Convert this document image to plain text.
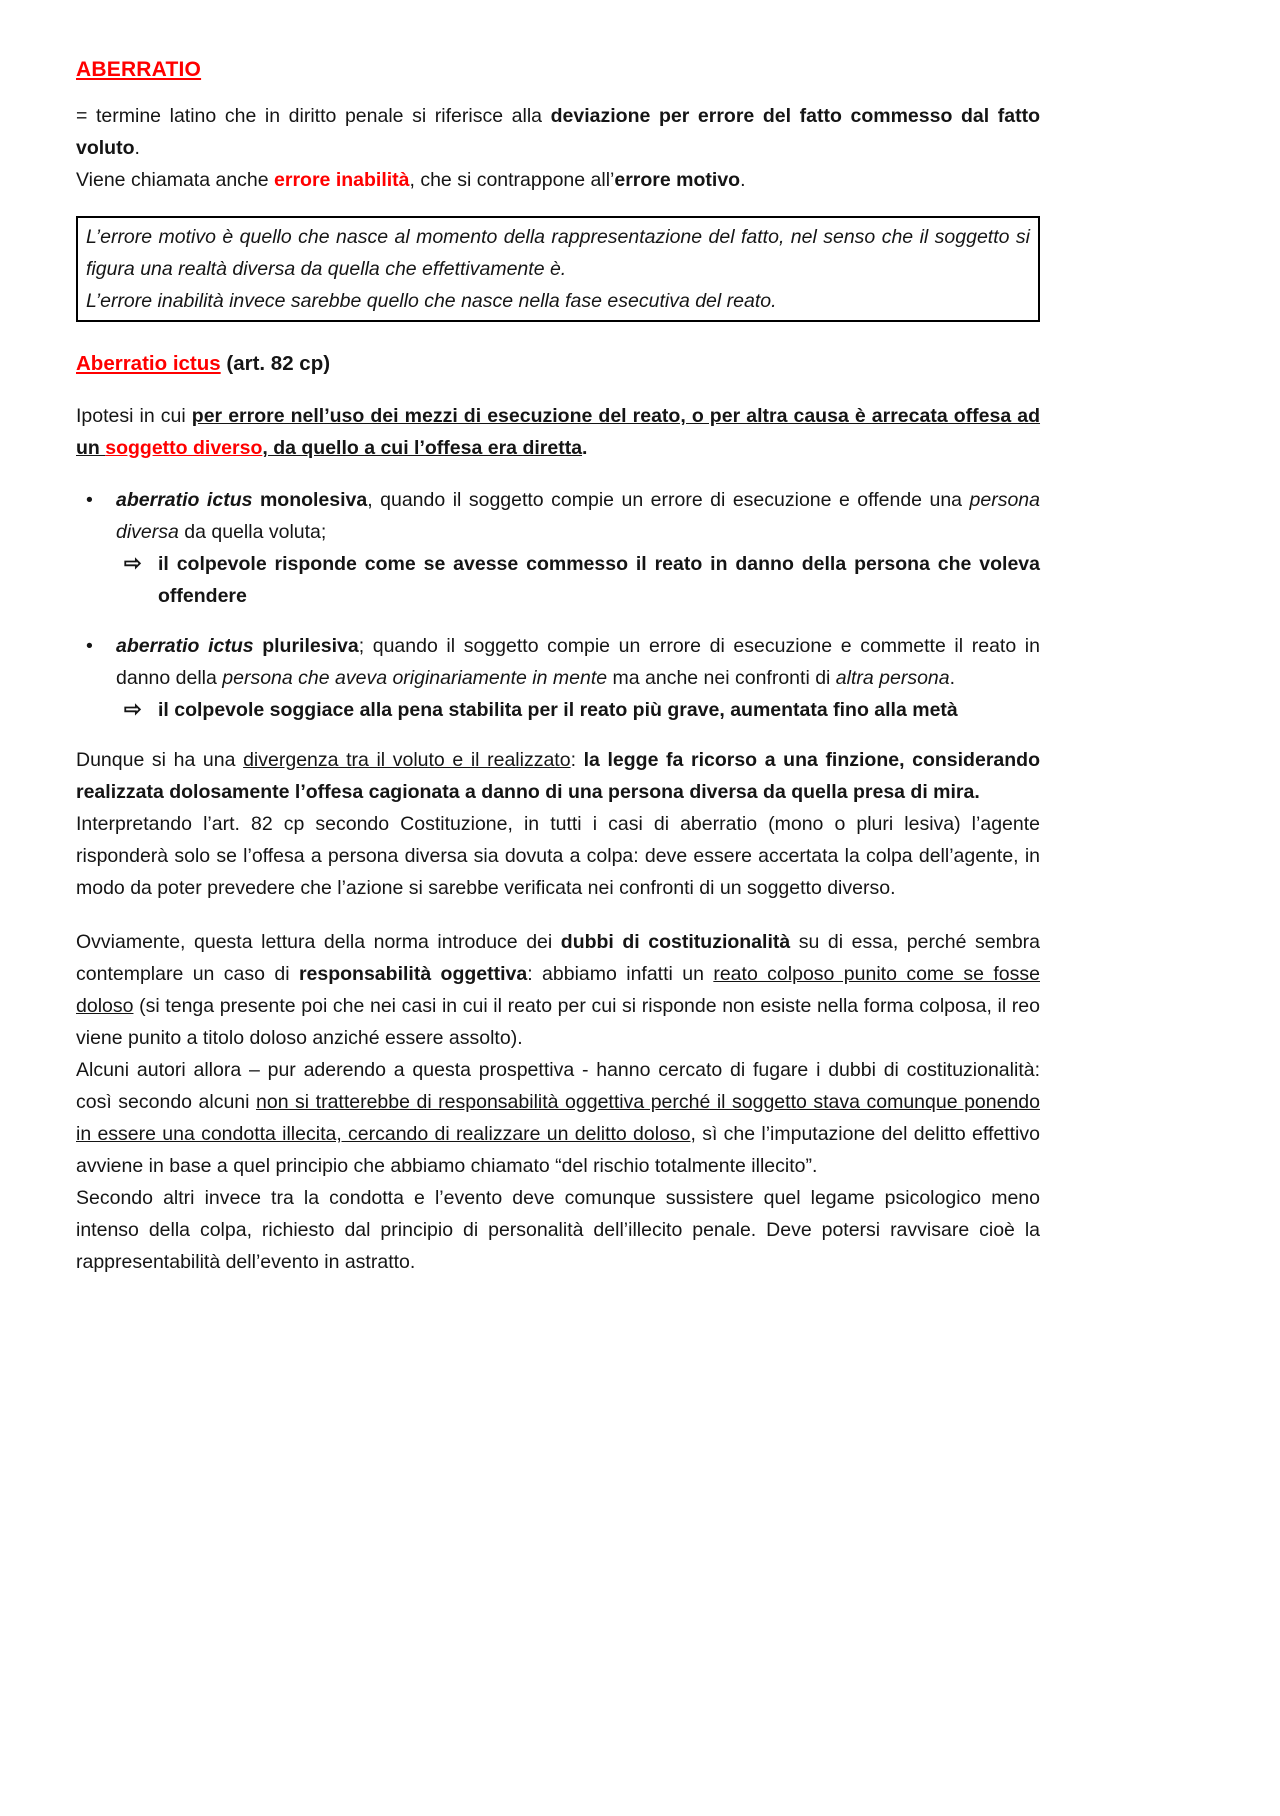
ABERRATIO

= termine latino che in diritto penale si riferisce alla deviazione per errore del fatto commesso dal fatto voluto.
Viene chiamata anche errore inabilità, che si contrappone all’errore motivo.

L’errore motivo è quello che nasce al momento della rappresentazione del fatto, nel senso che il soggetto si figura una realtà diversa da quella che effettivamente è.

L’errore inabilità invece sarebbe quello che nasce nella fase esecutiva del reato.

Aberratio ictus (art. 82 cp)

Ipotesi in cui per errore nell’uso dei mezzi di esecuzione del reato, o per altra causa è arrecata offesa ad un soggetto diverso, da quello a cui l’offesa era diretta.

•	aberratio ictus monolesiva, quando il soggetto compie un errore di esecuzione e offende una persona diversa da quella voluta;

⇨ il colpevole risponde come se avesse commesso il reato in danno della persona che voleva offendere
•	aberratio ictus plurilesiva; quando il soggetto compie un errore di esecuzione e commette il reato in danno della persona che aveva originariamente in mente ma anche nei confronti di altra persona.

⇨ il colpevole soggiace alla pena stabilita per il reato più grave, aumentata fino alla metà

Dunque si ha una divergenza tra il voluto e il realizzato: la legge fa ricorso a una finzione, considerando realizzata dolosamente l’offesa cagionata a danno di una persona diversa da quella presa di mira.

Interpretando l’art. 82 cp secondo Costituzione, in tutti i casi di aberratio (mono o pluri lesiva) l’agente risponderà solo se l’offesa a persona diversa sia dovuta a colpa: deve essere accertata la colpa dell’agente, in modo da poter prevedere che l’azione si sarebbe verificata nei confronti di un soggetto diverso.

Ovviamente, questa lettura della norma introduce dei dubbi di costituzionalità su di essa, perché sembra contemplare un caso di responsabilità oggettiva: abbiamo infatti un reato colposo punito come se fosse doloso (si tenga presente poi che nei casi in cui il reato per cui si risponde non esiste nella forma colposa, il reo viene punito a titolo doloso anziché essere assolto).

Alcuni autori allora – pur aderendo a questa prospettiva - hanno cercato di fugare i dubbi di costituzionalità: così secondo alcuni non si tratterebbe di responsabilità oggettiva perché il soggetto stava comunque ponendo in essere una condotta illecita, cercando di realizzare un delitto doloso, sì che l’imputazione del delitto effettivo avviene in base a quel principio che abbiamo chiamato “del rischio totalmente illecito”.

Secondo altri invece tra la condotta e l’evento deve comunque sussistere quel legame psicologico meno intenso della colpa, richiesto dal principio di personalità dell’illecito penale. Deve potersi ravvisare cioè la rappresentabilità dell’evento in astratto.
